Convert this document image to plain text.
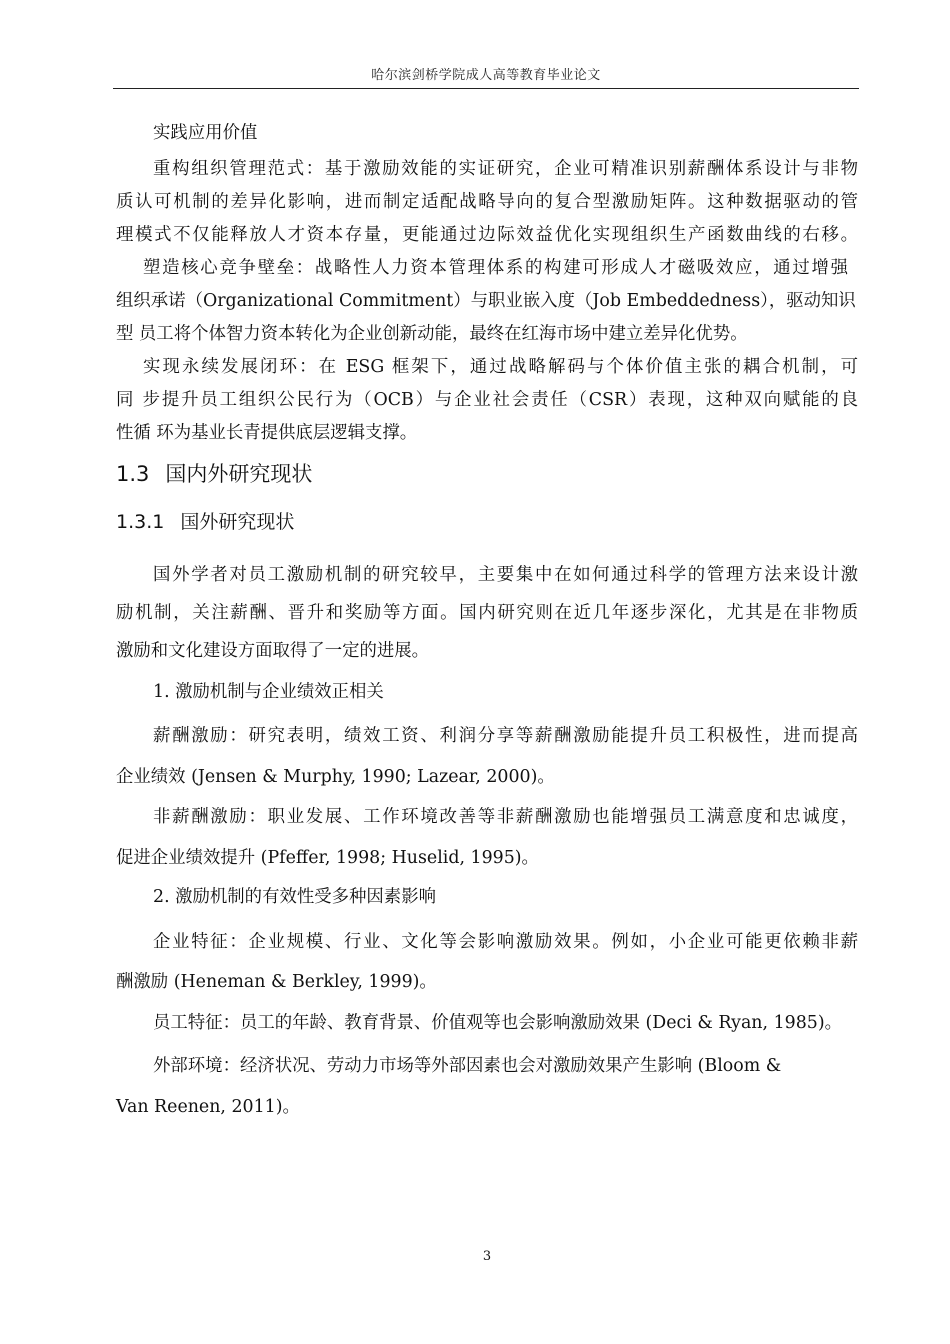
哈尔滨剑桥学院成人高等教育毕业论文
实践应用价值
重构组织管理范式：基于激励效能的实证研究，企业可精准识别薪酬体系设计与非物
质认可机制的差异化影响，进而制定适配战略导向的复合型激励矩阵。这种数据驱动的管
理模式不仅能释放人才资本存量，更能通过边际效益优化实现组织生产函数曲线的右移。
塑造核心竞争壁垒：战略性人力资本管理体系的构建可形成人才磁吸效应，通过增强
组织承诺（Organizational Commitment）与职业嵌入度（Job Embeddedness），驱动知识
型 员工将个体智力资本转化为企业创新动能，最终在红海市场中建立差异化优势。
实现永续发展闭环：在 ESG 框架下，通过战略解码与个体价值主张的耦合机制，可
同 步提升员工组织公民行为（OCB）与企业社会责任（CSR）表现，这种双向赋能的良
性循 环为基业长青提供底层逻辑支撑。
1.3 国内外研究现状
1.3.1 国外研究现状
国外学者对员工激励机制的研究较早，主要集中在如何通过科学的管理方法来设计激
励机制，关注薪酬、晋升和奖励等方面。国内研究则在近几年逐步深化，尤其是在非物质
激励和文化建设方面取得了一定的进展。
1. 激励机制与企业绩效正相关
薪酬激励：研究表明，绩效工资、利润分享等薪酬激励能提升员工积极性，进而提高
企业绩效 (Jensen & Murphy, 1990; Lazear, 2000)。
非薪酬激励：职业发展、工作环境改善等非薪酬激励也能增强员工满意度和忠诚度，
促进企业绩效提升 (Pfeffer, 1998; Huselid, 1995)。
2. 激励机制的有效性受多种因素影响
企业特征：企业规模、行业、文化等会影响激励效果。例如，小企业可能更依赖非薪
酬激励 (Heneman & Berkley, 1999)。
员工特征：员工的年龄、教育背景、价值观等也会影响激励效果 (Deci & Ryan, 1985)。
外部环境：经济状况、劳动力市场等外部因素也会对激励效果产生影响 (Bloom &
Van Reenen, 2011)。
3
